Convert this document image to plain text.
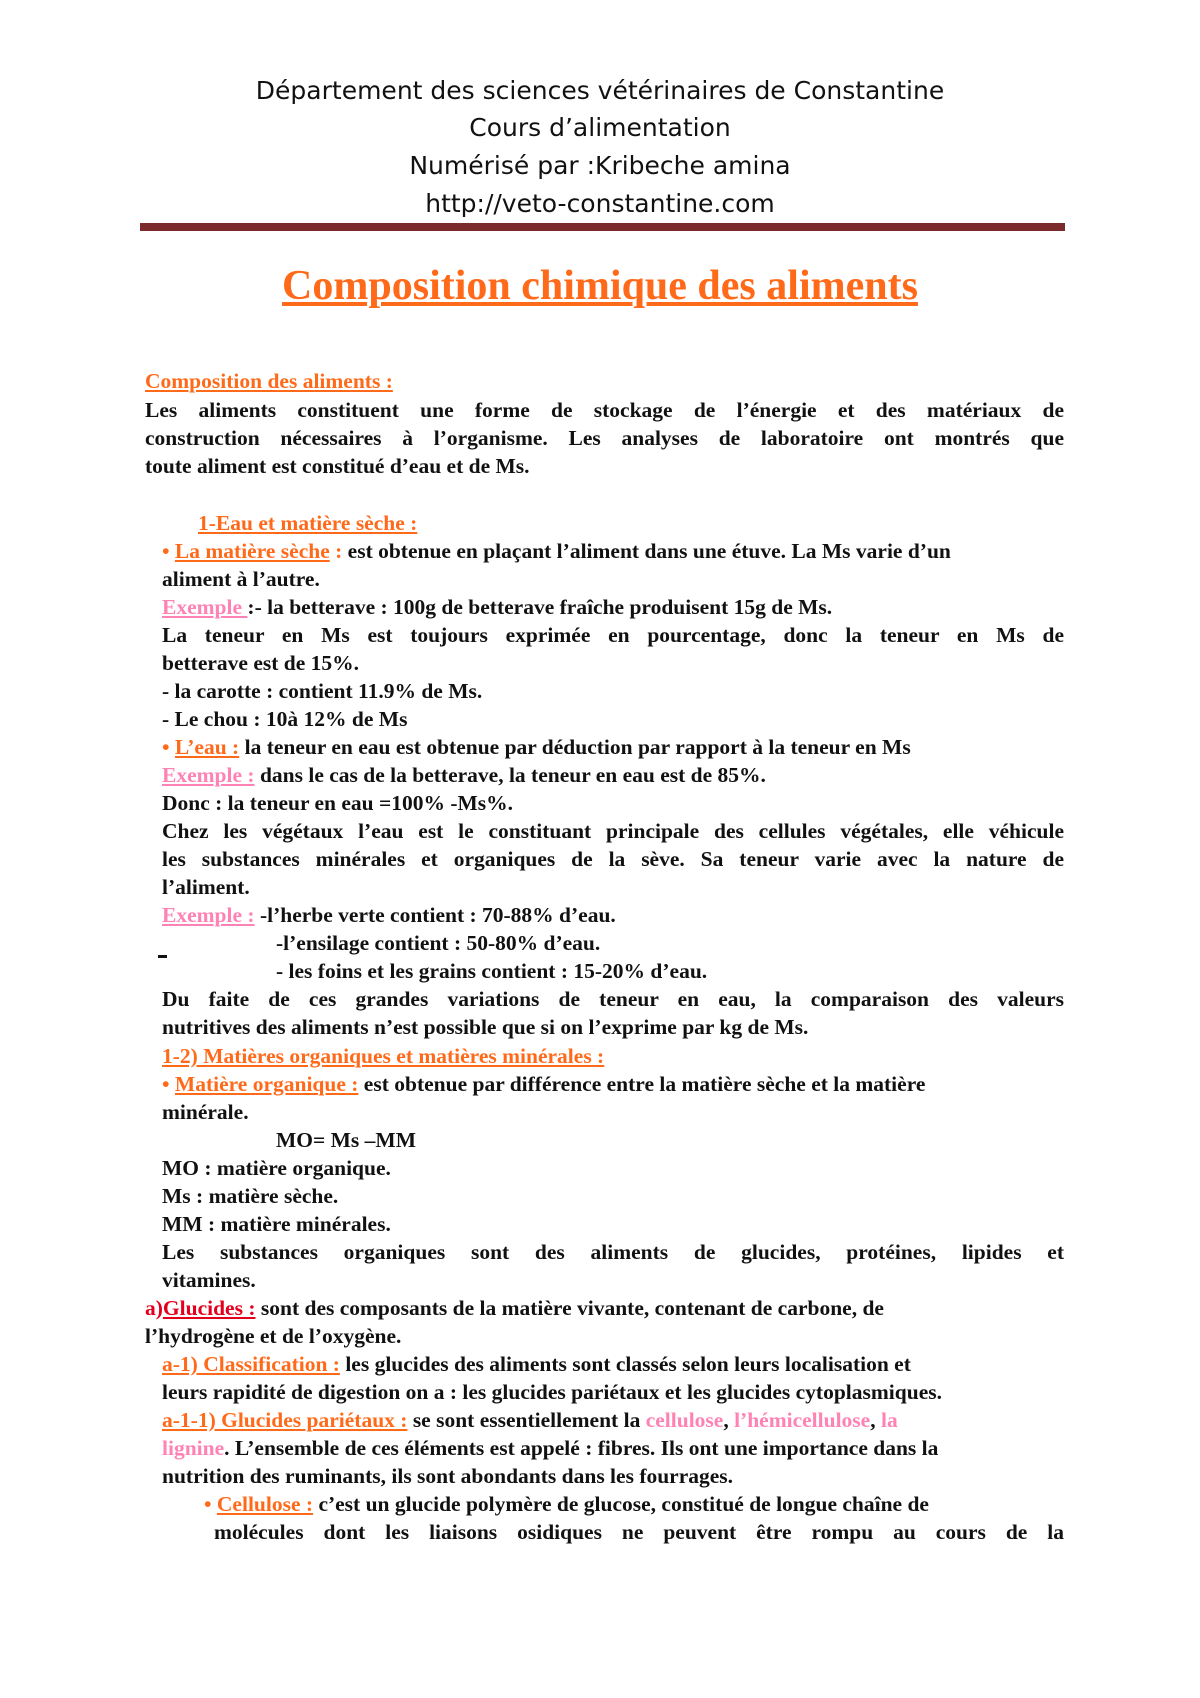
Département des sciences vétérinaires de Constantine
Cours d’alimentation
Numérisé par :Kribeche amina
http://veto-constantine.com
Composition chimique des aliments
Composition des aliments :
Les aliments constituent une forme de stockage de l’énergie et des matériaux de
construction nécessaires à l’organisme. Les analyses de laboratoire ont montrés que
toute aliment est constitué d’eau et de Ms.
1-Eau et matière sèche :
• La matière sèche : est obtenue en plaçant l’aliment dans une étuve. La Ms varie d’un
aliment à l’autre.
Exemple :- la betterave : 100g de betterave fraîche produisent 15g de Ms.
La teneur en Ms est toujours exprimée en pourcentage, donc la teneur en Ms de
betterave est de 15%.
- la carotte : contient 11.9% de Ms.
- Le chou : 10à 12% de Ms
• L’eau : la teneur en eau est obtenue par déduction par rapport à la teneur en Ms
Exemple : dans le cas de la betterave, la teneur en eau est de 85%.
Donc : la teneur en eau =100% -Ms%.
Chez les végétaux l’eau est le constituant principale des cellules végétales, elle véhicule
les substances minérales et organiques de la sève. Sa teneur varie avec la nature de
l’aliment.
Exemple : -l’herbe verte contient : 70-88% d’eau.
-l’ensilage contient : 50-80% d’eau.
- les foins et les grains contient : 15-20% d’eau.
Du faite de ces grandes variations de teneur en eau, la comparaison des valeurs
nutritives des aliments n’est possible que si on l’exprime par kg de Ms.
1-2) Matières organiques et matières minérales :
• Matière organique : est obtenue par différence entre la matière sèche et la matière
minérale.
MO= Ms –MM
MO : matière organique.
Ms : matière sèche.
MM : matière minérales.
Les substances organiques sont des aliments de glucides, protéines, lipides et
vitamines.
a)Glucides : sont des composants de la matière vivante, contenant de carbone, de
l’hydrogène et de l’oxygène.
a-1) Classification : les glucides des aliments sont classés selon leurs localisation et
leurs rapidité de digestion on a : les glucides pariétaux et les glucides cytoplasmiques.
a-1-1) Glucides pariétaux : se sont essentiellement la cellulose, l’hémicellulose, la
lignine. L’ensemble de ces éléments est appelé : fibres. Ils ont une importance dans la
nutrition des ruminants, ils sont abondants dans les fourrages.
• Cellulose : c’est un glucide polymère de glucose, constitué de longue chaîne de
molécules dont les liaisons osidiques ne peuvent être rompu au cours de la
